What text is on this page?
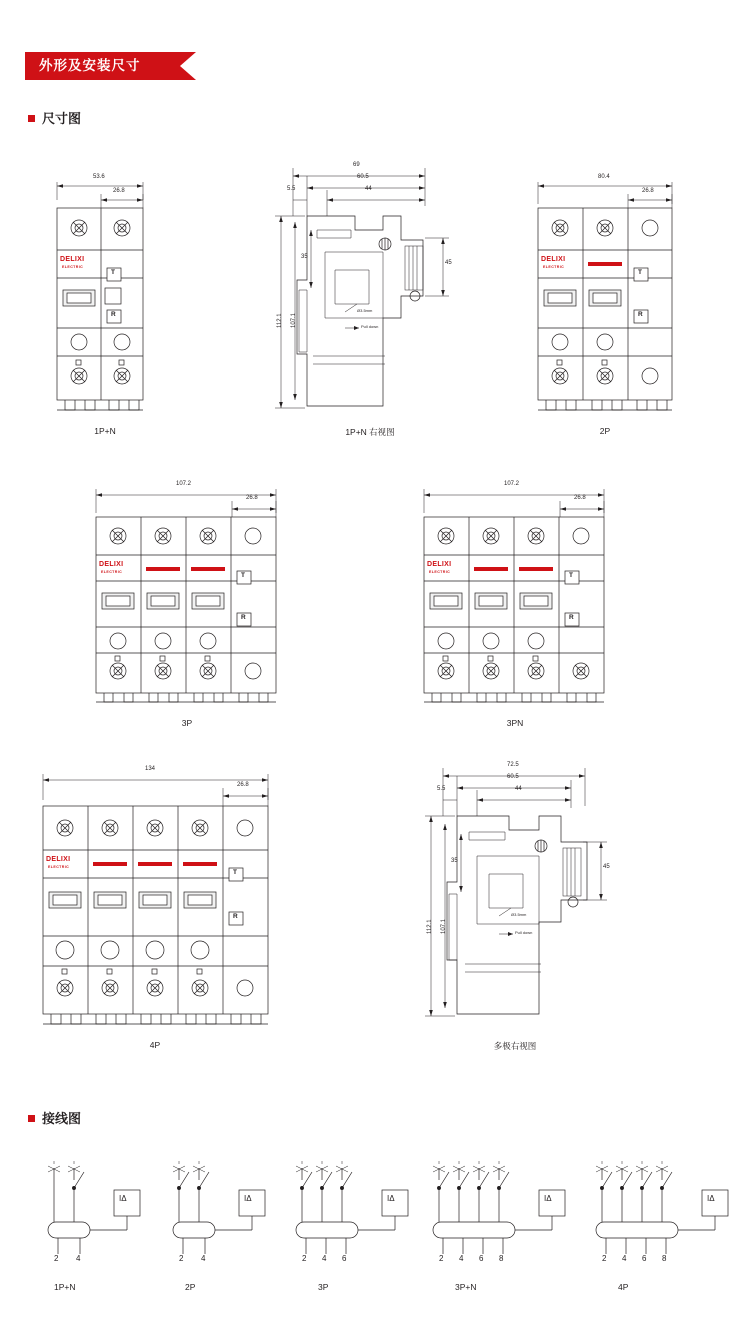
外形及安装尺寸
尺寸图
53.6
26.8
DELIXI
ELECTRIC
T
R
1P+N
69
60.5
44
5.5
35
45
112.1 107.1
Ø3.5mm
Pull down
1P+N 右视图
80.4
26.8
DELIXI
ELECTRIC
T
R
2P
107.2
26.8
DELIXI
ELECTRIC	T
R
3P
107.2
26.8
DELIXI
ELECTRIC	T
R
3PN
134
26.8
DELIXI
ELECTRIC
T
R
4P
72.5
60.5
44
5.5
35
45
112.1 107.1
Ø3.5mm
Pull down
多极右视图
接线图
IΔ
2 4
1P+N
IΔ
2 4
2P
IΔ
2 4 6
3P
IΔ
2 4 6 8
3P+N
IΔ
2 4 6 8
4P
